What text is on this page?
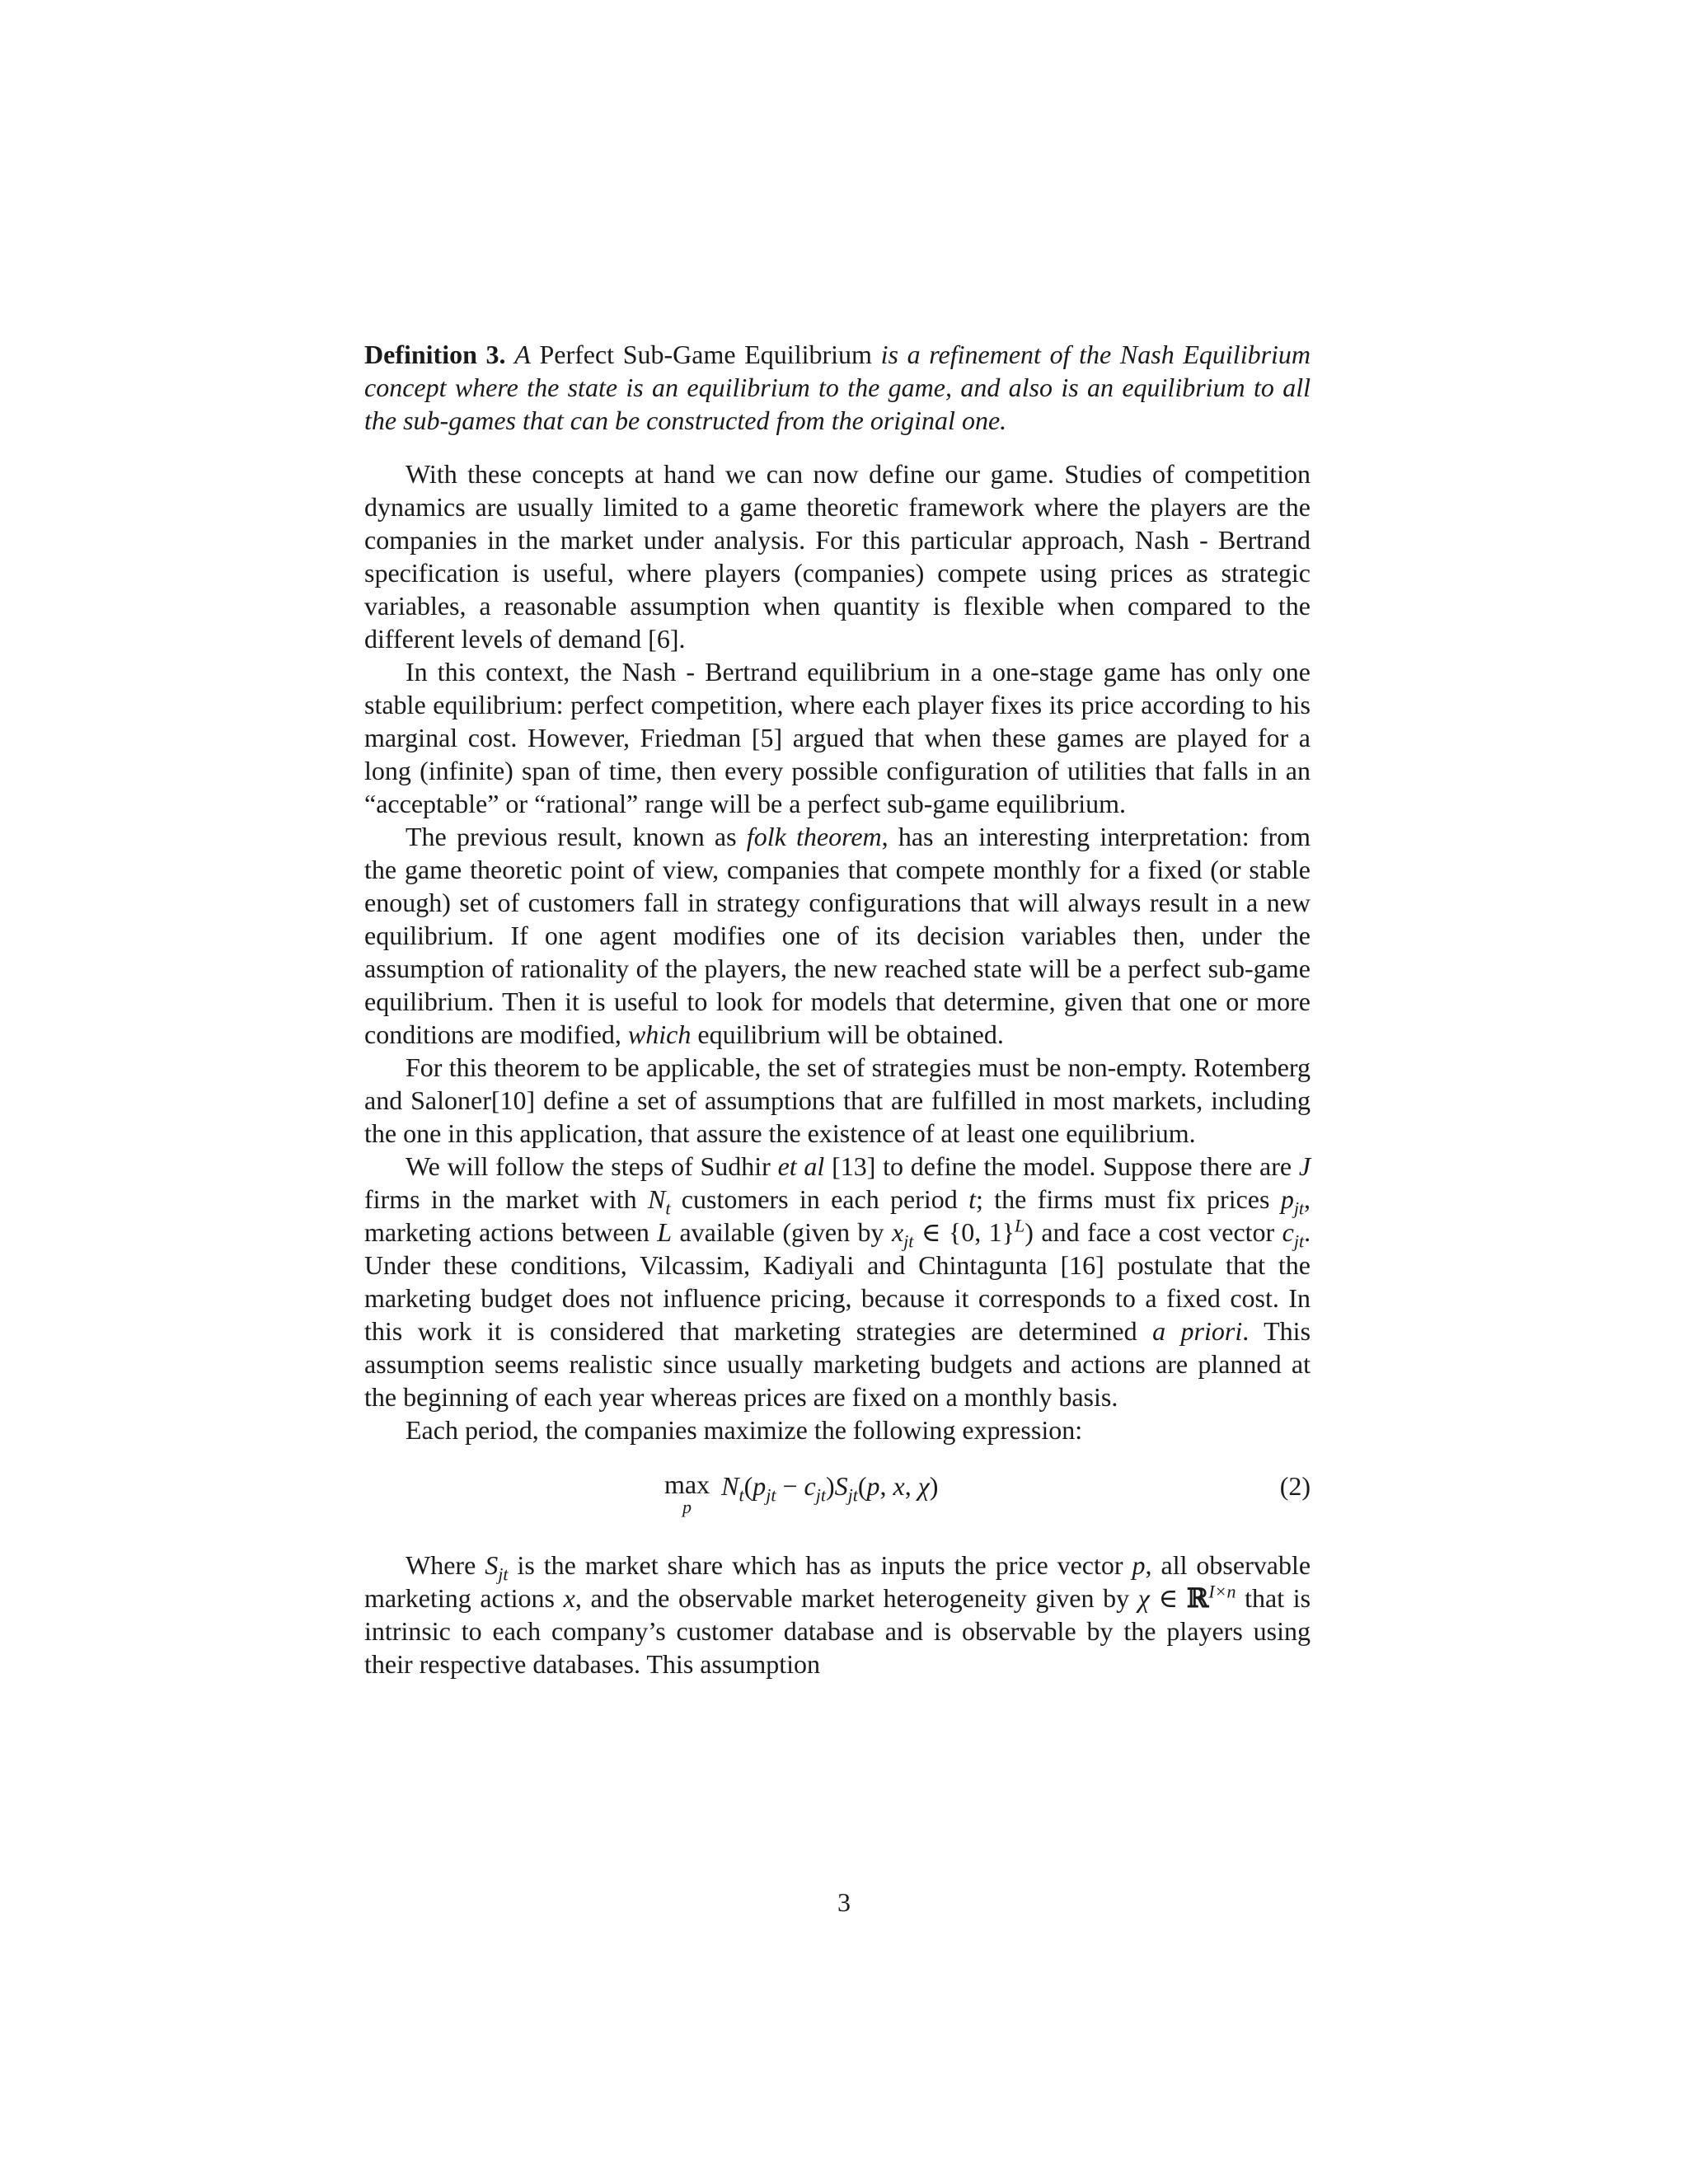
Definition 3. A Perfect Sub-Game Equilibrium is a refinement of the Nash Equilibrium concept where the state is an equilibrium to the game, and also is an equilibrium to all the sub-games that can be constructed from the original one.

With these concepts at hand we can now define our game. Studies of competition dynamics are usually limited to a game theoretic framework where the players are the companies in the market under analysis. For this particular approach, Nash - Bertrand specification is useful, where players (companies) compete using prices as strategic variables, a reasonable assumption when quantity is flexible when compared to the different levels of demand [6].

In this context, the Nash - Bertrand equilibrium in a one-stage game has only one stable equilibrium: perfect competition, where each player fixes its price according to his marginal cost. However, Friedman [5] argued that when these games are played for a long (infinite) span of time, then every possible configuration of utilities that falls in an “acceptable” or “rational” range will be a perfect sub-game equilibrium.

The previous result, known as folk theorem, has an interesting interpretation: from the game theoretic point of view, companies that compete monthly for a fixed (or stable enough) set of customers fall in strategy configurations that will always result in a new equilibrium. If one agent modifies one of its decision variables then, under the assumption of rationality of the players, the new reached state will be a perfect sub-game equilibrium. Then it is useful to look for models that determine, given that one or more conditions are modified, which equilibrium will be obtained.

For this theorem to be applicable, the set of strategies must be non-empty. Rotemberg and Saloner[10] define a set of assumptions that are fulfilled in most markets, including the one in this application, that assure the existence of at least one equilibrium.

We will follow the steps of Sudhir et al [13] to define the model. Suppose there are J firms in the market with $N_t$ customers in each period t; the firms must fix prices $p_{jt}$, marketing actions between L available (given by $x_{jt}$ ∈ {0, 1}$^L$) and face a cost vector $c_{jt}$. Under these conditions, Vilcassim, Kadiyali and Chintagunta [16] postulate that the marketing budget does not influence pricing, because it corresponds to a fixed cost. In this work it is considered that marketing strategies are determined a priori. This assumption seems realistic since usually marketing budgets and actions are planned at the beginning of each year whereas prices are fixed on a monthly basis.

Each period, the companies maximize the following expression:

max
p
$N_t(p_{jt} - c_{jt})S_{jt}(p$, x, χ)	(2)

Where $S_{jt}$ is the market share which has as inputs the price vector p, all observable marketing actions x, and the observable market heterogeneity given by χ ∈ ℝ$^{I\times n}$ that is intrinsic to each company’s customer database and is observable by the players using their respective databases. This assumption

3
